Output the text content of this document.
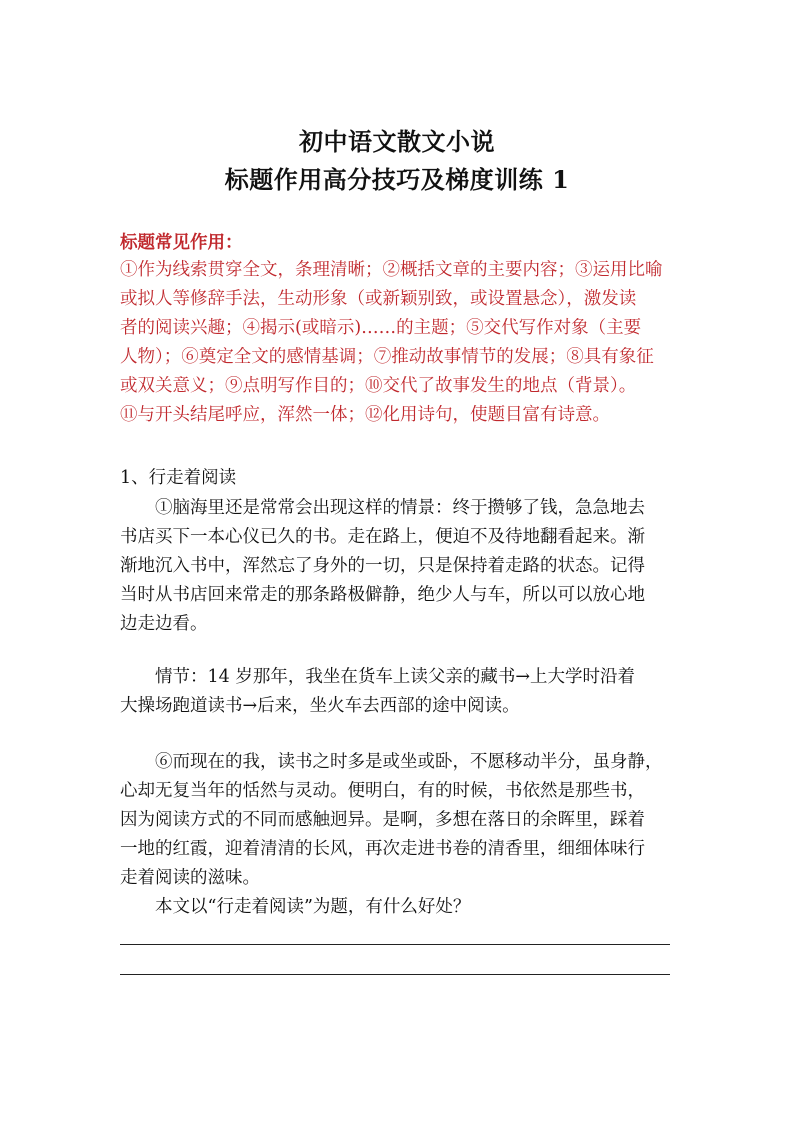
初中语文散文小说
标题作用高分技巧及梯度训练 1
标题常见作用：
①作为线索贯穿全文，条理清晰；②概括文章的主要内容；③运用比喻
或拟人等修辞手法，生动形象（或新颖别致，或设置悬念），激发读
者的阅读兴趣；④揭示(或暗示)……的主题；⑤交代写作对象（主要
人物）；⑥奠定全文的感情基调；⑦推动故事情节的发展；⑧具有象征
或双关意义；⑨点明写作目的；⑩交代了故事发生的地点（背景）。
⑪与开头结尾呼应，浑然一体；⑫化用诗句，使题目富有诗意。
1、行走着阅读
①脑海里还是常常会出现这样的情景：终于攒够了钱，急急地去
书店买下一本心仪已久的书。走在路上，便迫不及待地翻看起来。渐
渐地沉入书中，浑然忘了身外的一切，只是保持着走路的状态。记得
当时从书店回来常走的那条路极僻静，绝少人与车，所以可以放心地
边走边看。
情节：14 岁那年，我坐在货车上读父亲的藏书→上大学时沿着
大操场跑道读书→后来，坐火车去西部的途中阅读。
⑥而现在的我，读书之时多是或坐或卧，不愿移动半分，虽身静，
心却无复当年的恬然与灵动。便明白，有的时候，书依然是那些书，
因为阅读方式的不同而感触迥异。是啊，多想在落日的余晖里，踩着
一地的红霞，迎着清清的长风，再次走进书卷的清香里，细细体味行
走着阅读的滋味。
本文以“行走着阅读”为题，有什么好处？
